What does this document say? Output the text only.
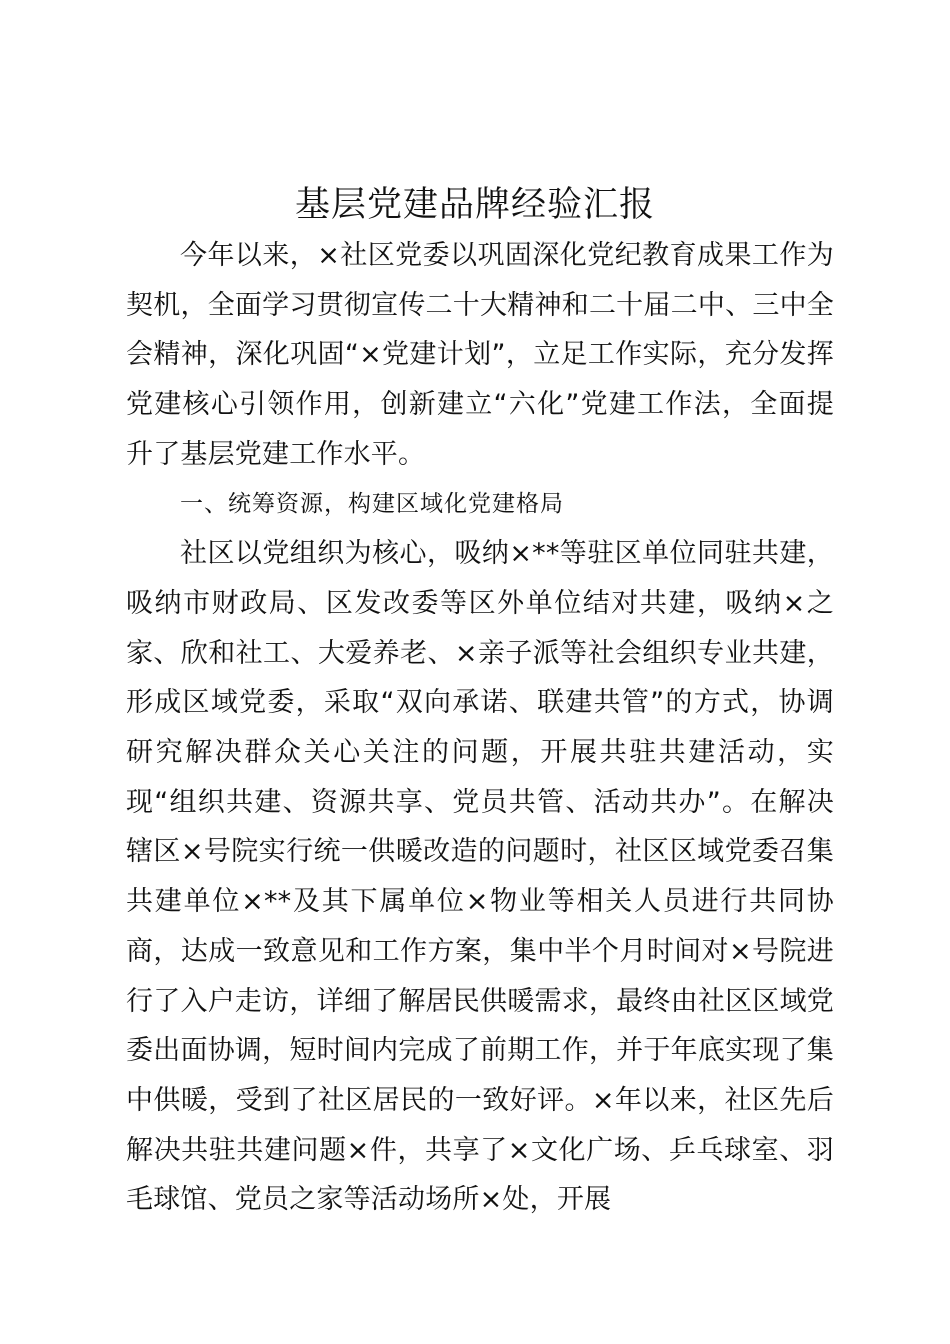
基层党建品牌经验汇报

今年以来，×社区党委以巩固深化党纪教育成果工作为契机，全面学习贯彻宣传二十大精神和二十届二中、三中全会精神，深化巩固“×党建计划”，立足工作实际，充分发挥党建核心引领作用，创新建立“六化”党建工作法，全面提升了基层党建工作水平。

一、统筹资源，构建区域化党建格局

社区以党组织为核心，吸纳×**等驻区单位同驻共建，吸纳市财政局、区发改委等区外单位结对共建，吸纳×之家、欣和社工、大爱养老、×亲子派等社会组织专业共建，形成区域党委，采取“双向承诺、联建共管”的方式，协调研究解决群众关心关注的问题，开展共驻共建活动，实现“组织共建、资源共享、党员共管、活动共办”。在解决辖区×号院实行统一供暖改造的问题时，社区区域党委召集共建单位×**及其下属单位×物业等相关人员进行共同协商，达成一致意见和工作方案，集中半个月时间对×号院进行了入户走访，详细了解居民供暖需求，最终由社区区域党委出面协调，短时间内完成了前期工作，并于年底实现了集中供暖，受到了社区居民的一致好评。×年以来，社区先后解决共驻共建问题×件，共享了×文化广场、乒乓球室、羽毛球馆、党员之家等活动场所×处，开展
